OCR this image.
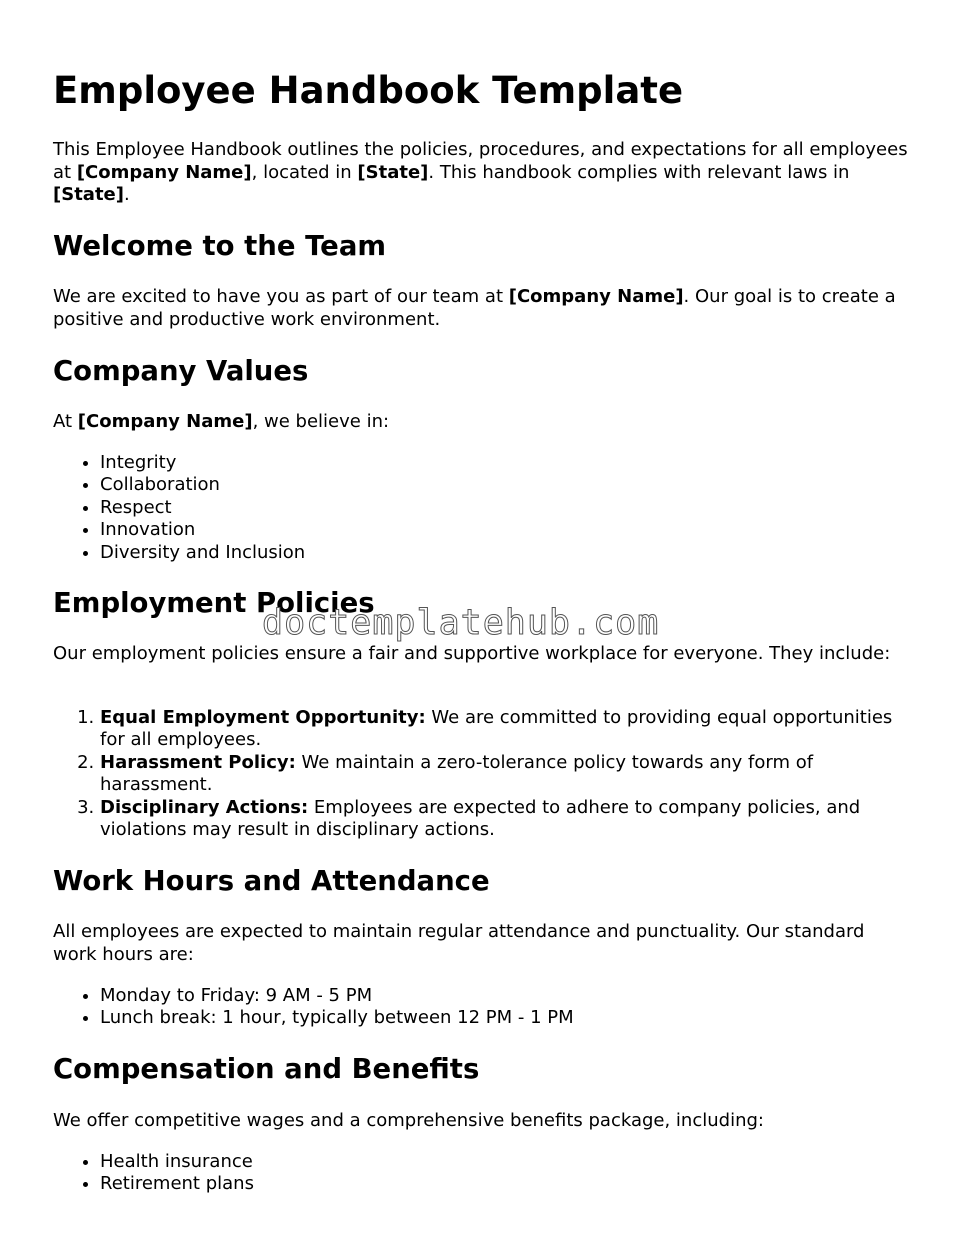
Employee Handbook Template

This Employee Handbook outlines the policies, procedures, and expectations for all employees at [Company Name], located in [State]. This handbook complies with relevant laws in [State].

Welcome to the Team

We are excited to have you as part of our team at [Company Name]. Our goal is to create a positive and productive work environment.

Company Values

At [Company Name], we believe in:

• Integrity
• Collaboration
• Respect
• Innovation
• Diversity and Inclusion
Employment Policies

Our employment policies ensure a fair and supportive workplace for everyone. They include:

1. Equal Employment Opportunity: We are committed to providing equal opportunities for all employees.
2. Harassment Policy: We maintain a zero-tolerance policy towards any form of harassment.
3. Disciplinary Actions: Employees are expected to adhere to company policies, and violations may result in disciplinary actions.
Work Hours and Attendance

All employees are expected to maintain regular attendance and punctuality. Our standard work hours are:

• Monday to Friday: 9 AM - 5 PM
• Lunch break: 1 hour, typically between 12 PM - 1 PM
Compensation and Benefits

We offer competitive wages and a comprehensive benefits package, including:

• Health insurance
• Retirement plans
doctemplatehub.com
